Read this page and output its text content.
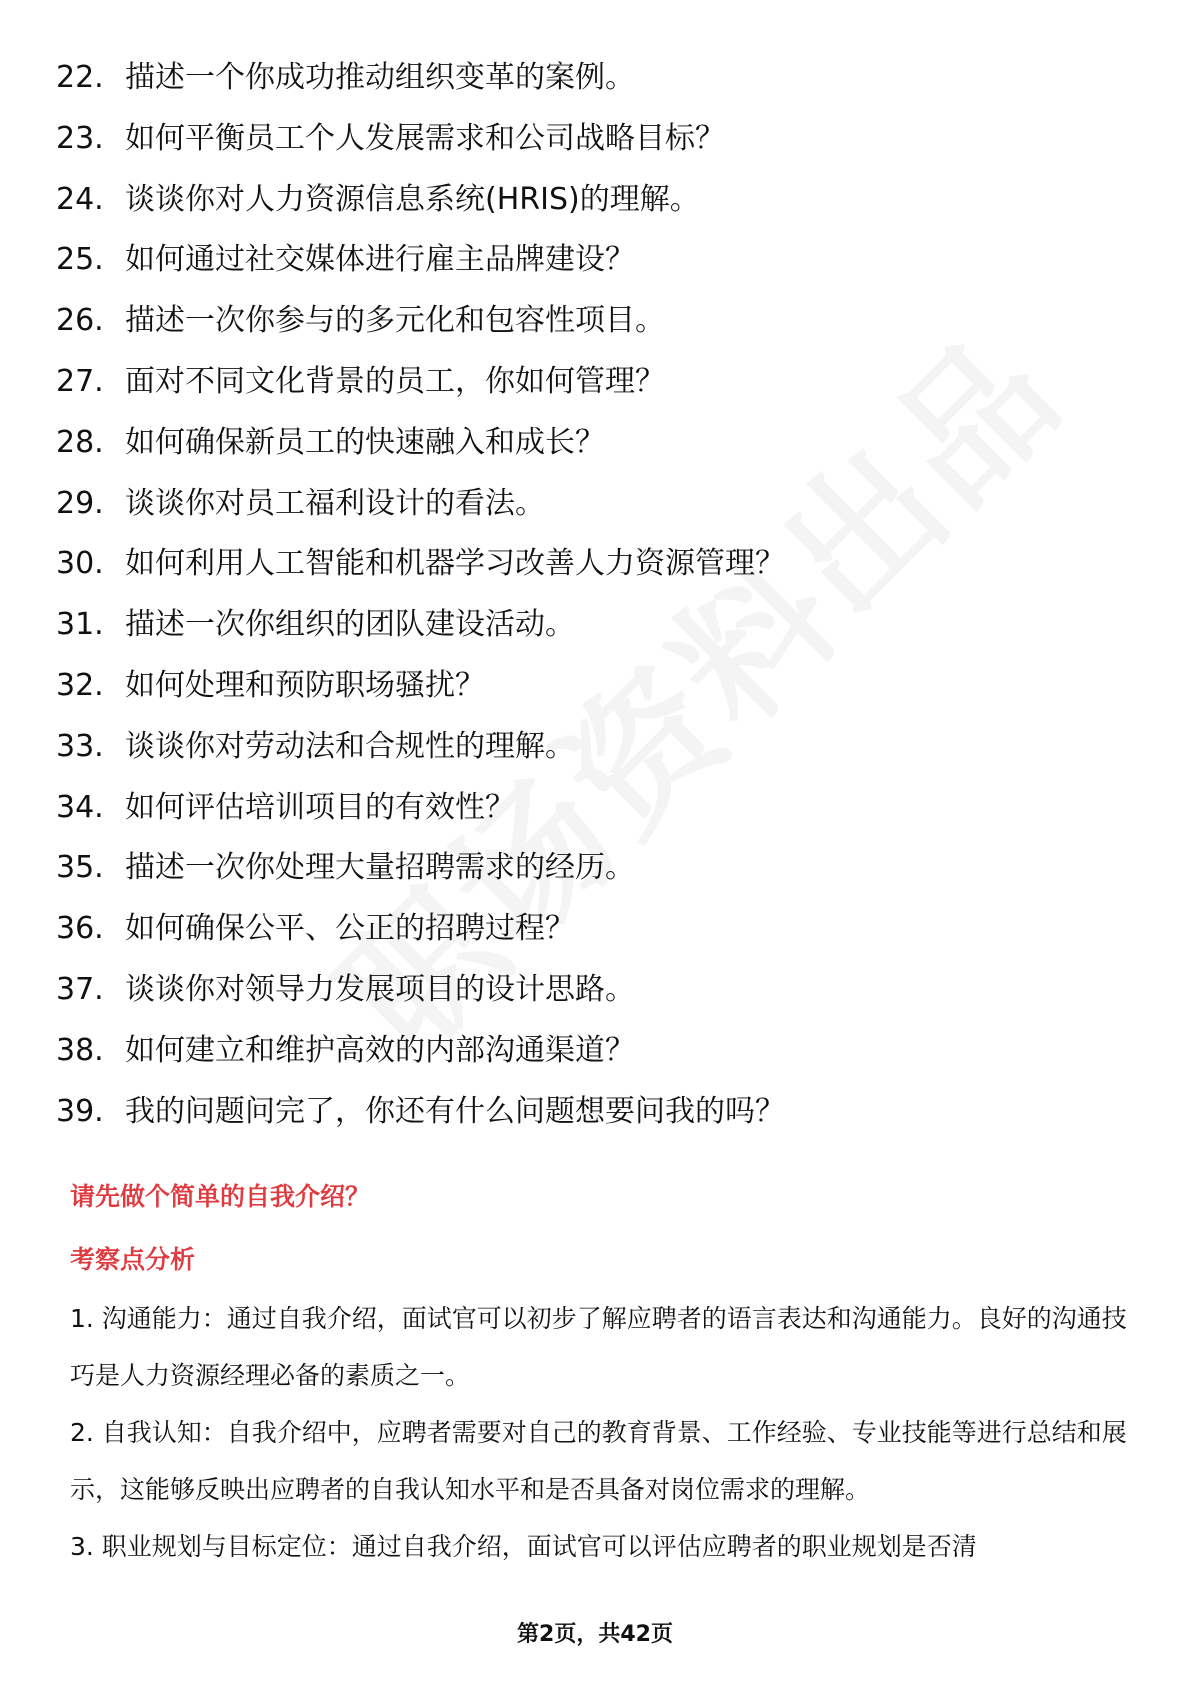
22. 描述一个你成功推动组织变革的案例。
23. 如何平衡员工个人发展需求和公司战略目标？
24. 谈谈你对人力资源信息系统(HRIS)的理解。
25. 如何通过社交媒体进行雇主品牌建设？
26. 描述一次你参与的多元化和包容性项目。
27. 面对不同文化背景的员工，你如何管理？
28. 如何确保新员工的快速融入和成长？
29. 谈谈你对员工福利设计的看法。
30. 如何利用人工智能和机器学习改善人力资源管理？
31. 描述一次你组织的团队建设活动。
32. 如何处理和预防职场骚扰？
33. 谈谈你对劳动法和合规性的理解。
34. 如何评估培训项目的有效性？
35. 描述一次你处理大量招聘需求的经历。
36. 如何确保公平、公正的招聘过程？
37. 谈谈你对领导力发展项目的设计思路。
38. 如何建立和维护高效的内部沟通渠道？
39. 我的问题问完了，你还有什么问题想要问我的吗？
请先做个简单的自我介绍？
考察点分析

1. 沟通能力：通过自我介绍，面试官可以初步了解应聘者的语言表达和沟通能力。良好的沟通技巧是人力资源经理必备的素质之一。

2. 自我认知：自我介绍中，应聘者需要对自己的教育背景、工作经验、专业技能等进行总结和展示，这能够反映出应聘者的自我认知水平和是否具备对岗位需求的理解。

3. 职业规划与目标定位：通过自我介绍，面试官可以评估应聘者的职业规划是否清

第2页，共42页
